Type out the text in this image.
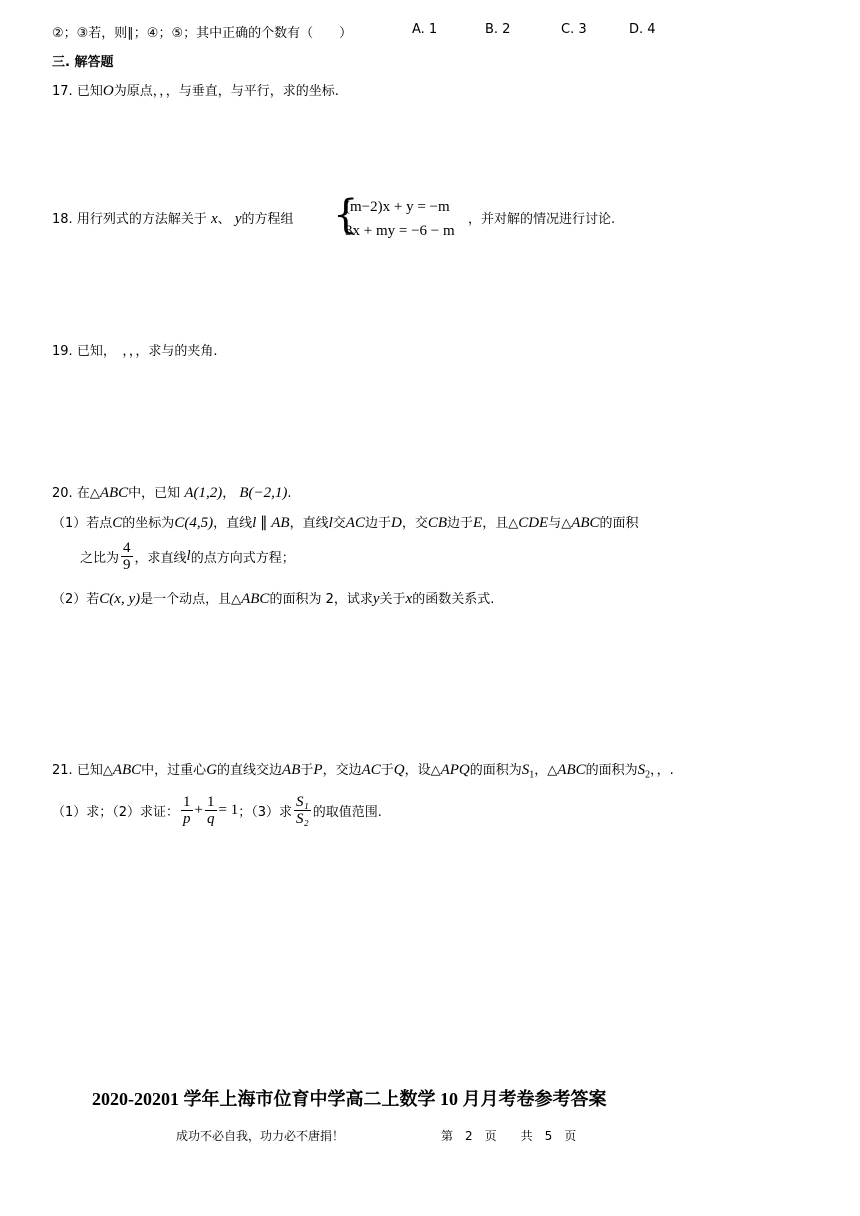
②；③若，则∥；④；⑤；其中正确的个数有（　　）	A. 1	B. 2	C. 3	D. 4
三. 解答题
17. 已知O为原点，，，与垂直，与平行，求的坐标.
18. 用行列式的方法解关于 x、 y的方程组 {
(m−2)x + y = −m
3x + my = −6 − m
，并对解的情况进行讨论.
19. 已知，　，，，求与的夹角.
20. 在△ABC中，已知 A(1,2)， B(−2,1).
（1）若点C的坐标为C(4,5)，直线l ∥ AB，直线l交AC边于D，交CB边于E，且△CDE与△ABC的面积
之比为 $\frac{4}{9}$ ，求直线l的点方向式方程；
（2）若C(x, y)是一个动点，且△ABC的面积为 2，试求y关于x的函数关系式.
21. 已知△ABC中，过重心G的直线交边AB于P，交边AC于Q，设△APQ的面积为$S_1$，△ABC的面积为$S_2$，，.
（1）求；（2）求证： $\frac{1}{p} + \frac{1}{q} = 1$；（3）求 $\frac{\text{S₁}}{\text{S₂}}$ 的取值范围.
2020-20201 学年上海市位育中学高二上数学 10 月月考卷参考答案
成功不必自我，功力必不唐捐！	第　2　页　　共　5　页
